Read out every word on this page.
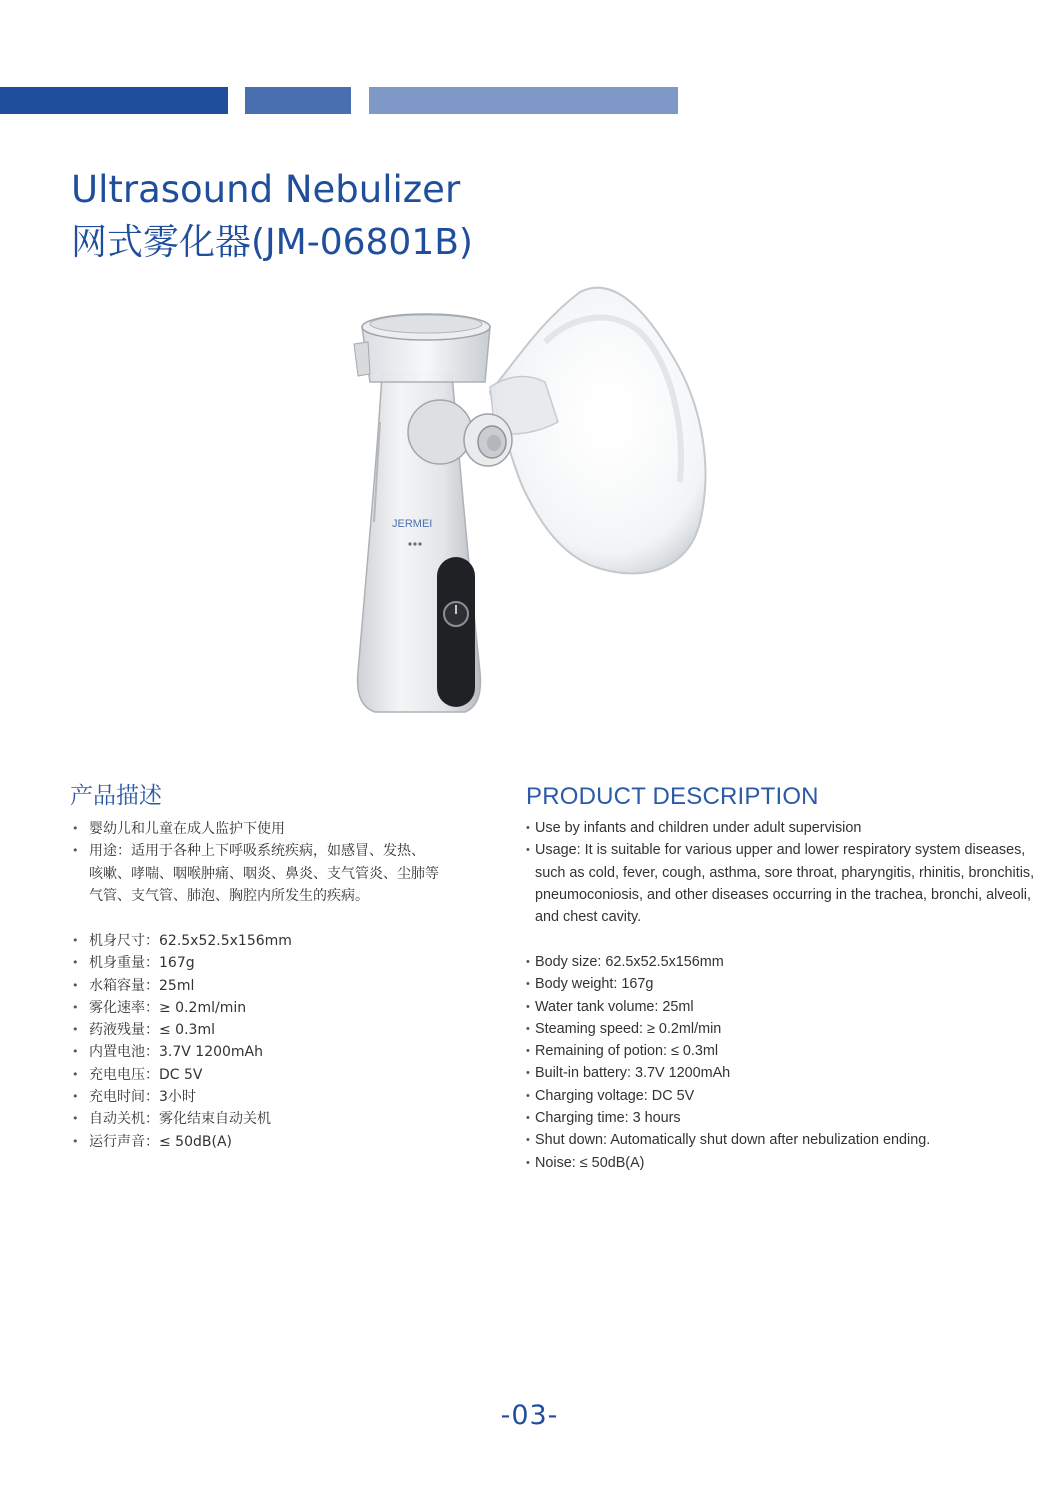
Ultrasound Nebulizer
网式雾化器(JM-06801B)
JERMEI
产品描述	PRODUCT DESCRIPTION
• 婴幼儿和儿童在成人监护下使用
• 用途：适用于各种上下呼吸系统疾病，如感冒、发热、
咳嗽、哮喘、咽喉肿痛、咽炎、鼻炎、支气管炎、尘肺等
气管、支气管、肺泡、胸腔内所发生的疾病。
• 机身尺寸：62.5x52.5x156mm
• 机身重量：167g
• 水箱容量：25ml
• 雾化速率：≥ 0.2ml/min
• 药液残量：≤ 0.3ml
• 内置电池：3.7V 1200mAh
• 充电电压：DC 5V
• 充电时间：3小时
• 自动关机：雾化结束自动关机
• 运行声音：≤ 50dB(A)
• Use by infants and children under adult supervision
• Usage: It is suitable for various upper and lower respiratory system diseases,
such as cold, fever, cough, asthma, sore throat, pharyngitis, rhinitis, bronchitis,
pneumoconiosis, and other diseases occurring in the trachea, bronchi, alveoli,
and chest cavity.
• Body size: 62.5x52.5x156mm
• Body weight: 167g
• Water tank volume: 25ml
• Steaming speed: ≥ 0.2ml/min
• Remaining of potion: ≤ 0.3ml
• Built-in battery: 3.7V 1200mAh
• Charging voltage: DC 5V
• Charging time: 3 hours
• Shut down: Automatically shut down after nebulization ending.
• Noise: ≤ 50dB(A)
-03-
